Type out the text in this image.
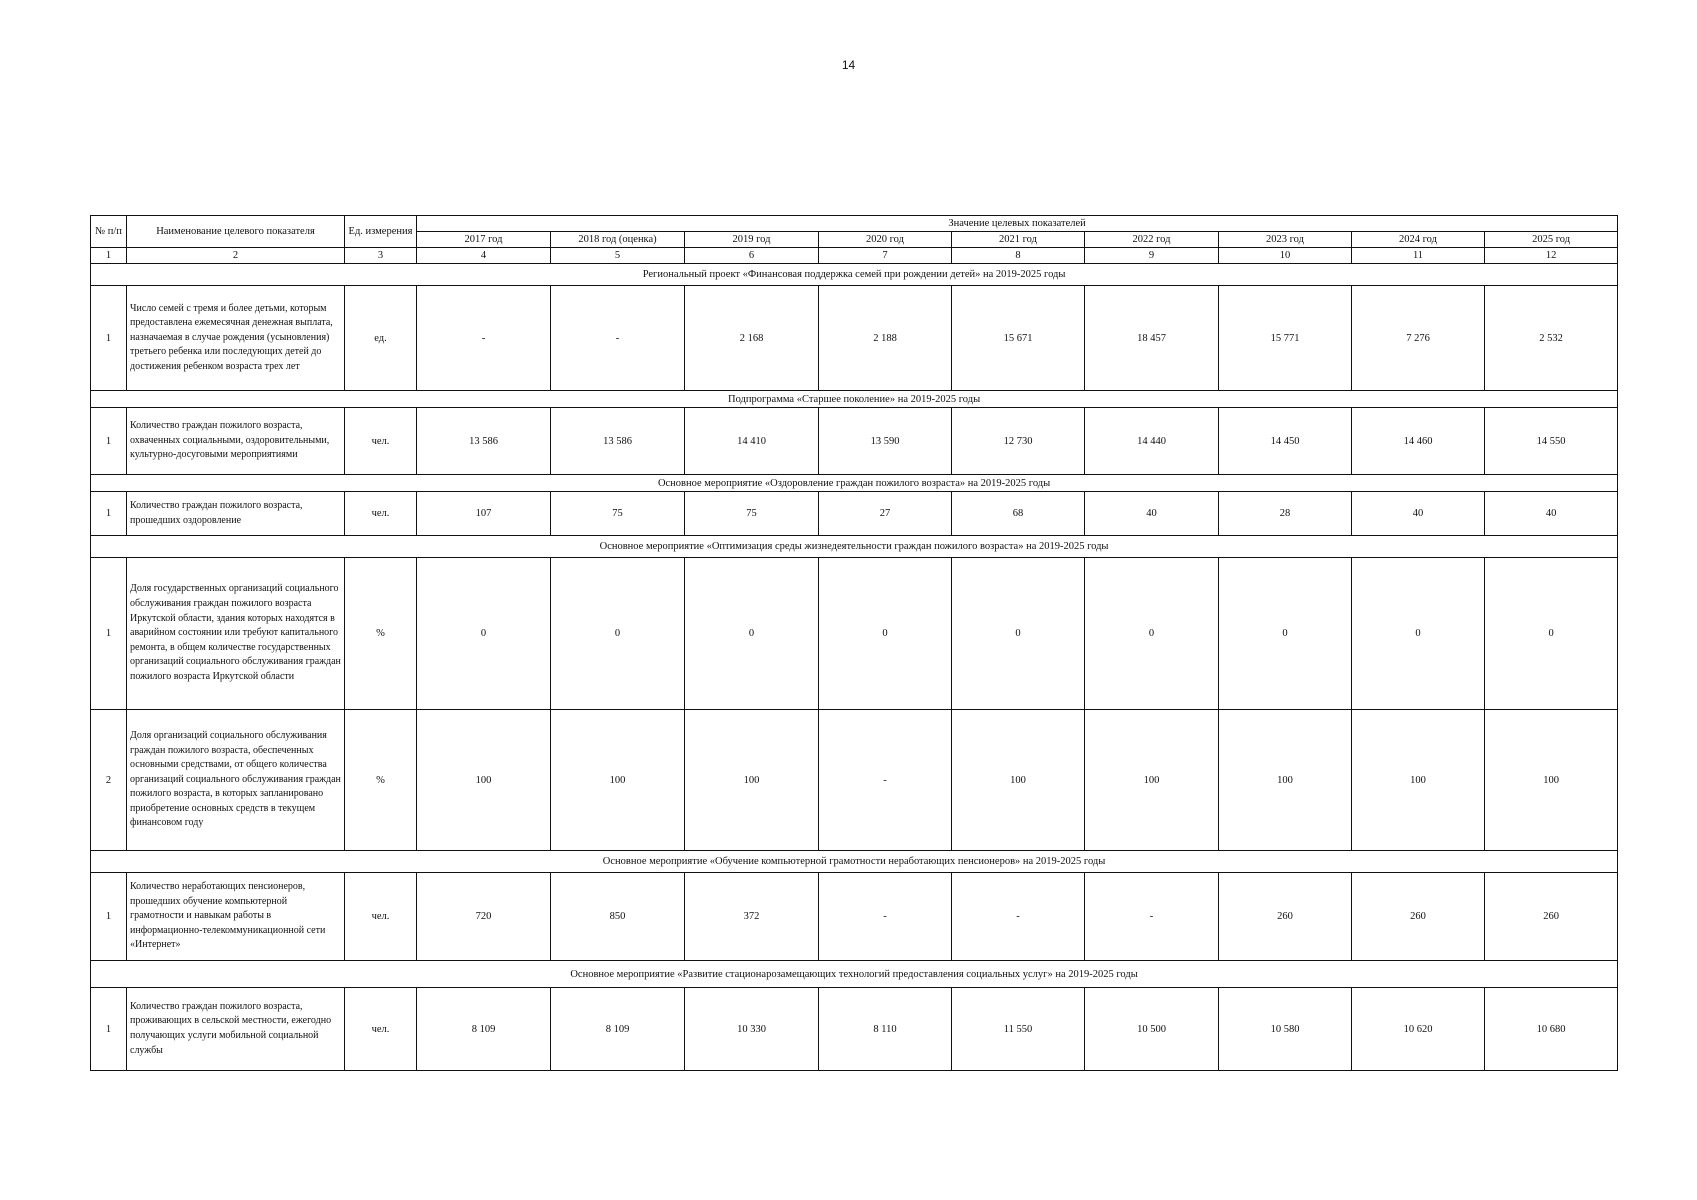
14
№ п/п	Наименование целевого показателя	Ед. измерения	Значение целевых показателей								
			2017 год	2018 год (оценка)	2019 год	2020 год	2021 год	2022 год	2023 год	2024 год	2025 год
1	2	3	4	5	6	7	8	9	10	11	12
Региональный проект «Финансовая поддержка семей при рождении детей» на 2019-2025 годы											
1	Число семей с тремя и более детьми, которым предоставлена ежемесячная денежная выплата, назначаемая в случае рождения (усыновления) третьего ребенка или последующих детей до достижения ребенком возраста трех лет	ед.	-	-	2 168	2 188	15 671	18 457	15 771	7 276	2 532
Подпрограмма «Старшее поколение» на 2019-2025 годы											
1	Количество граждан пожилого возраста, охваченных социальными, оздоровительными, культурно-досуговыми мероприятиями	чел.	13 586	13 586	14 410	13 590	12 730	14 440	14 450	14 460	14 550
Основное мероприятие «Оздоровление граждан пожилого возраста» на 2019-2025 годы											
1	Количество граждан пожилого возраста, прошедших оздоровление	чел.	107	75	75	27	68	40	28	40	40
Основное мероприятие «Оптимизация среды жизнедеятельности граждан пожилого возраста» на 2019-2025 годы											
1	Доля государственных организаций социального обслуживания граждан пожилого возраста Иркутской области, здания которых находятся в аварийном состоянии или требуют капитального ремонта, в общем количестве государственных организаций социального обслуживания граждан пожилого возраста Иркутской области	%	0	0	0	0	0	0	0	0	0
2	Доля организаций социального обслуживания граждан пожилого возраста, обеспеченных основными средствами, от общего количества организаций социального обслуживания граждан пожилого возраста, в которых запланировано приобретение основных средств в текущем финансовом году	%	100	100	100	-	100	100	100	100	100
Основное мероприятие «Обучение компьютерной грамотности неработающих пенсионеров» на 2019-2025 годы											
1	Количество неработающих пенсионеров, прошедших обучение компьютерной грамотности и навыкам работы в информационно-телекоммуникационной сети «Интернет»	чел.	720	850	372	-	-	-	260	260	260
Основное мероприятие «Развитие стационарозамещающих технологий предоставления социальных услуг» на 2019-2025 годы											
1	Количество граждан пожилого возраста, проживающих в сельской местности, ежегодно получающих услуги мобильной социальной службы	чел.	8 109	8 109	10 330	8 110	11 550	10 500	10 580	10 620	10 680
